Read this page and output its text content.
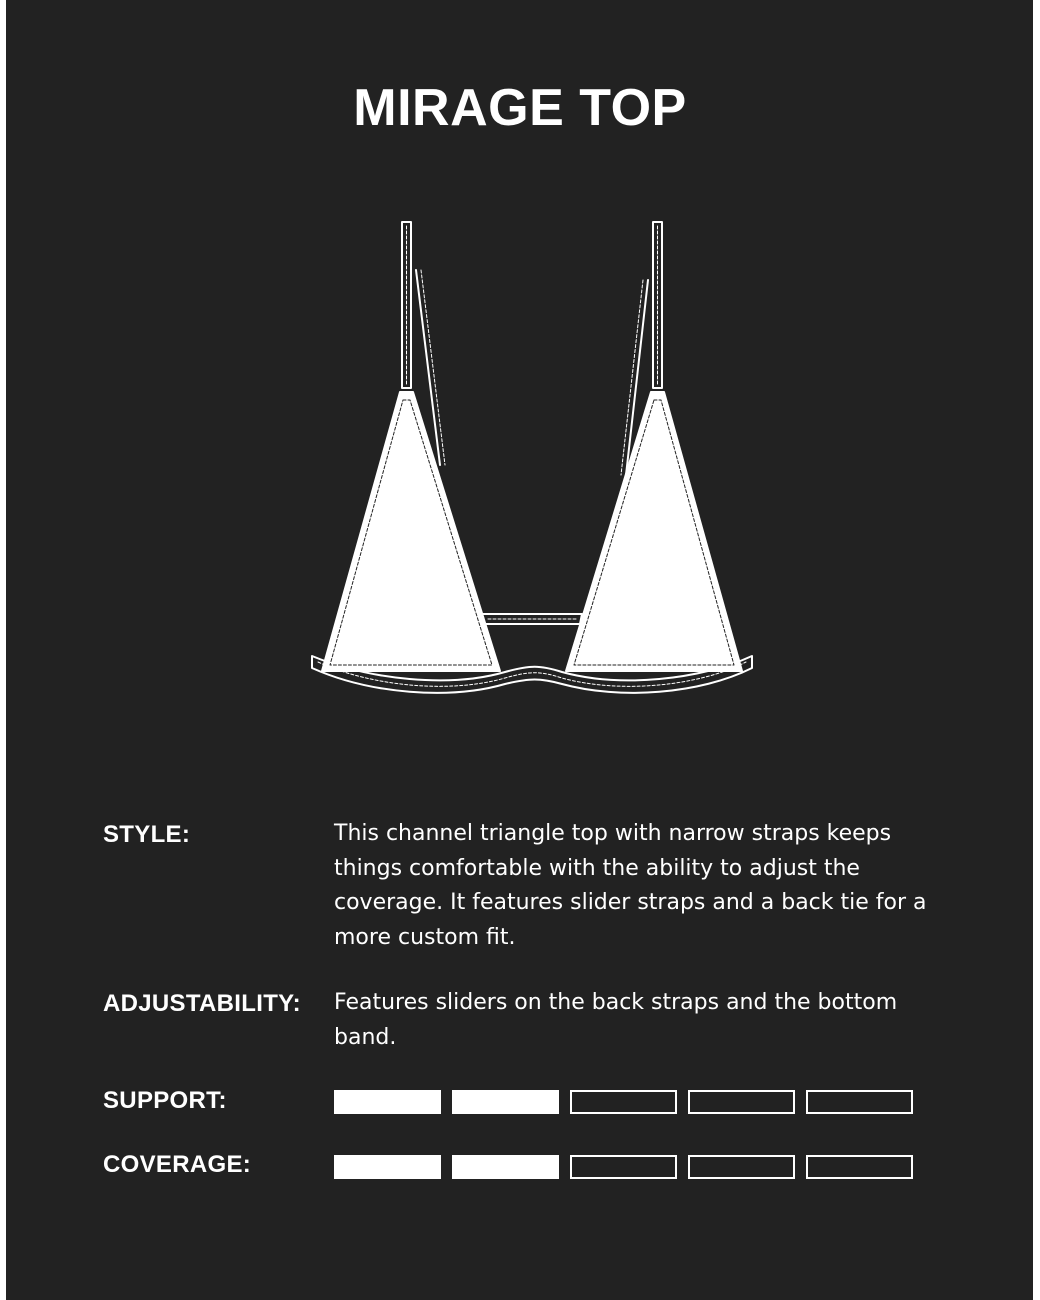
MIRAGE TOP
STYLE:	This channel triangle top with narrow straps keeps things comfortable with the ability to adjust the coverage. It features slider straps and a back tie for a more custom fit.
ADJUSTABILITY: Features sliders on the back straps and the bottom band.
SUPPORT:
COVERAGE:
